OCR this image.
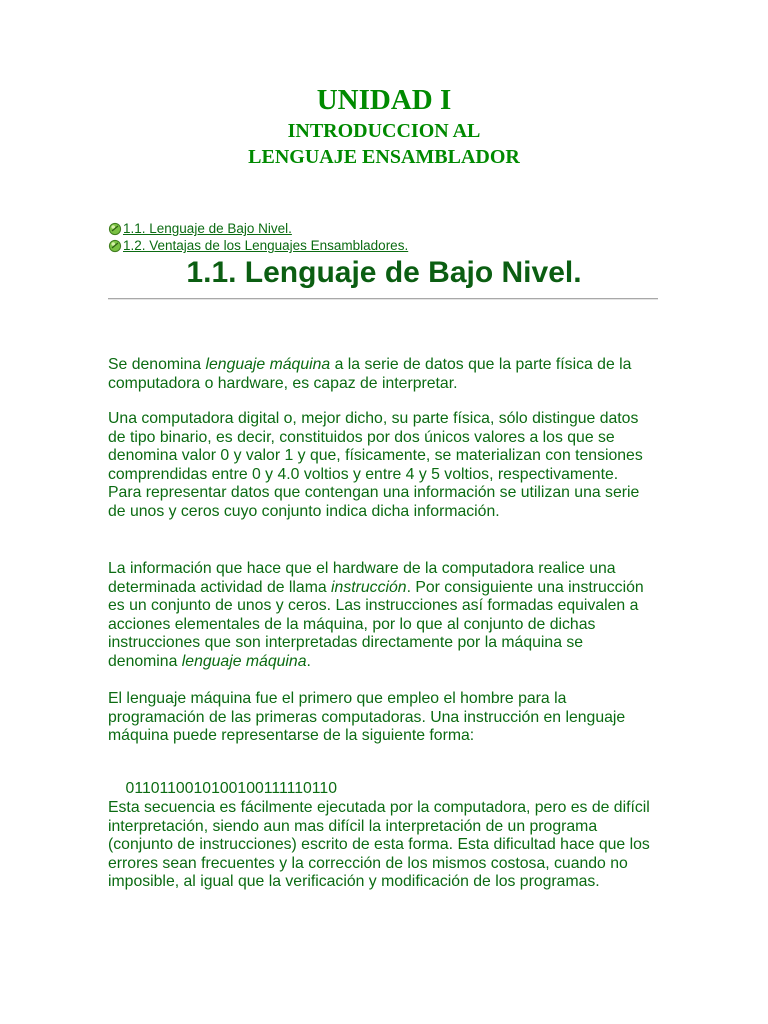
UNIDAD I
INTRODUCCION AL
LENGUAJE ENSAMBLADOR
1.1. Lenguaje de Bajo Nivel.
1.2. Ventajas de los Lenguajes Ensambladores.
1.1. Lenguaje de Bajo Nivel.

Se denomina lenguaje máquina a la serie de datos que la parte física de la computadora o hardware, es capaz de interpretar.

Una computadora digital o, mejor dicho, su parte física, sólo distingue datos de tipo binario, es decir, constituidos por dos únicos valores a los que se denomina valor 0 y valor 1 y que, físicamente, se materializan con tensiones comprendidas entre 0 y 4.0 voltios y entre 4 y 5 voltios, respectivamente. Para representar datos que contengan una información se utilizan una serie de unos y ceros cuyo conjunto indica dicha información.

La información que hace que el hardware de la computadora realice una determinada actividad de llama instrucción. Por consiguiente una instrucción es un conjunto de unos y ceros. Las instrucciones así formadas equivalen a acciones elementales de la máquina, por lo que al conjunto de dichas instrucciones que son interpretadas directamente por la máquina se denomina lenguaje máquina.

El lenguaje máquina fue el primero que empleo el hombre para la programación de las primeras computadoras. Una instrucción en lenguaje máquina puede representarse de la siguiente forma:

0110110010100100111110110

Esta secuencia es fácilmente ejecutada por la computadora, pero es de difícil interpretación, siendo aun mas difícil la interpretación de un programa (conjunto de instrucciones) escrito de esta forma. Esta dificultad hace que los errores sean frecuentes y la corrección de los mismos costosa, cuando no imposible, al igual que la verificación y modificación de los programas.
